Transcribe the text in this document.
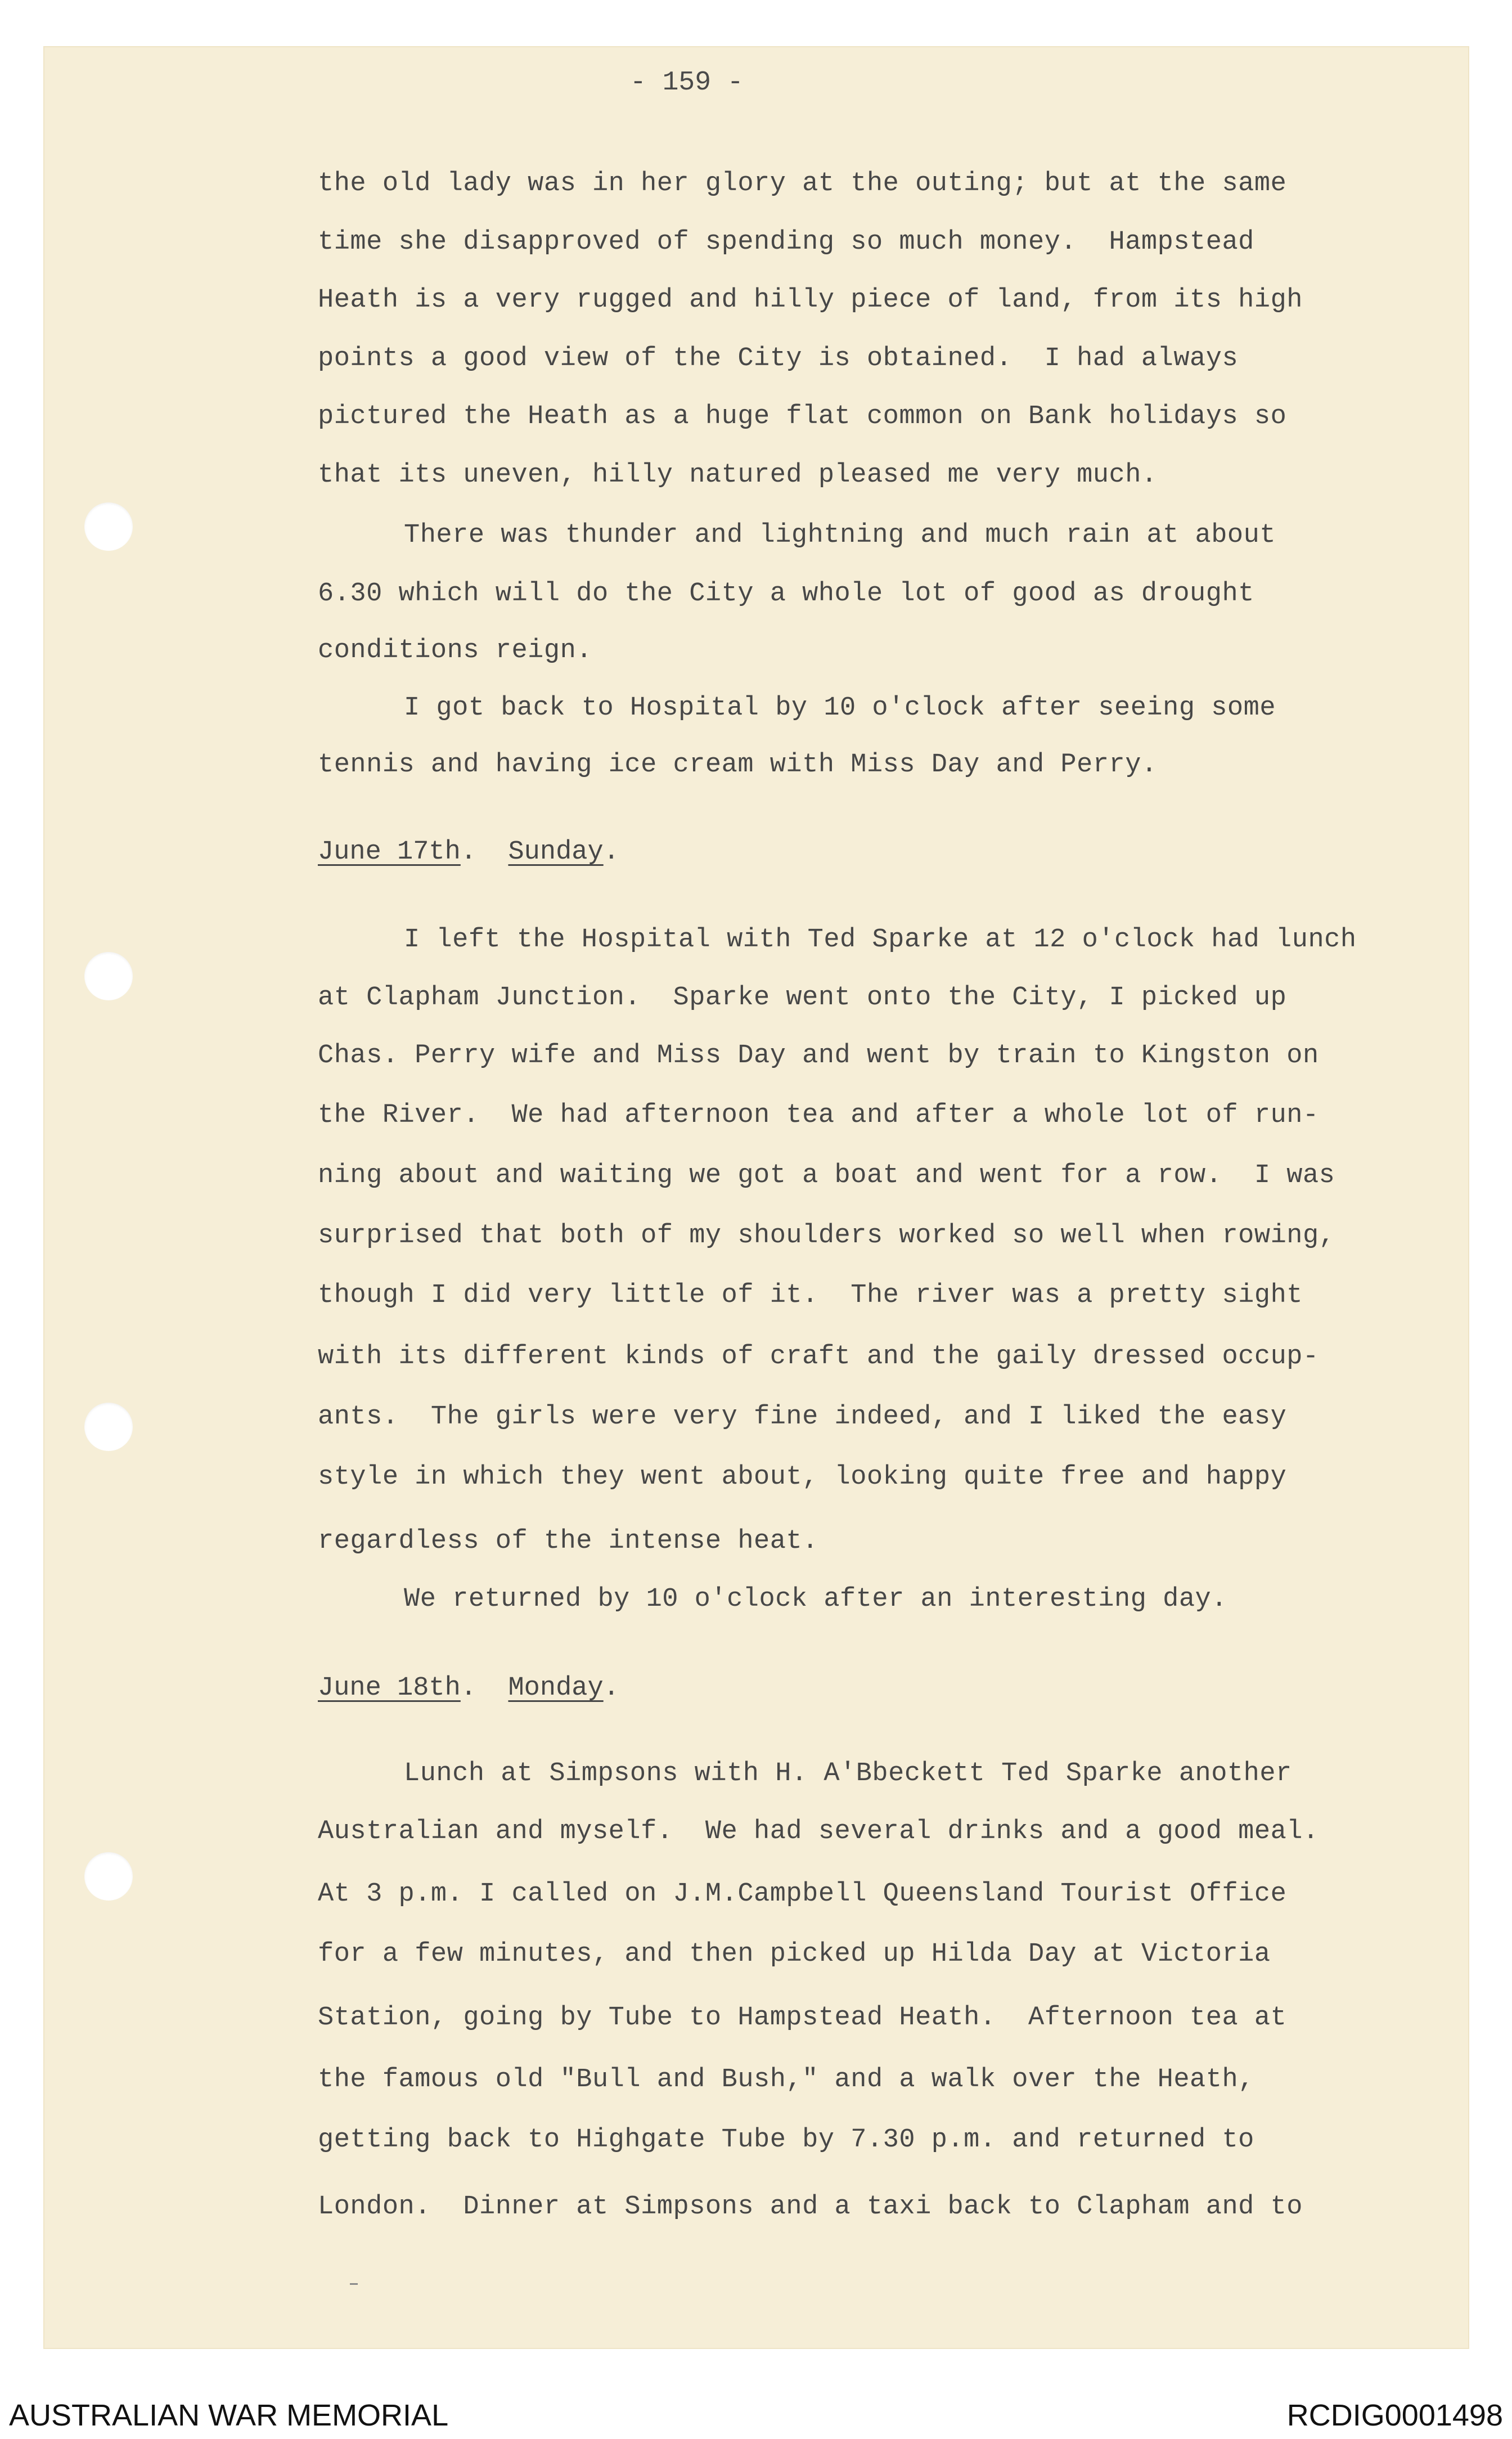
- 159 -
the old lady was in her glory at the outing; but at the same
time she disapproved of spending so much money.  Hampstead
Heath is a very rugged and hilly piece of land, from its high
points a good view of the City is obtained.  I had always
pictured the Heath as a huge flat common on Bank holidays so
that its uneven, hilly natured pleased me very much.
There was thunder and lightning and much rain at about
6.30 which will do the City a whole lot of good as drought
conditions reign.
I got back to Hospital by 10 o'clock after seeing some
tennis and having ice cream with Miss Day and Perry.
June 17th.  Sunday.
I left the Hospital with Ted Sparke at 12 o'clock had lunch
at Clapham Junction.  Sparke went onto the City, I picked up
Chas. Perry wife and Miss Day and went by train to Kingston on
the River.  We had afternoon tea and after a whole lot of run-
ning about and waiting we got a boat and went for a row.  I was
surprised that both of my shoulders worked so well when rowing,
though I did very little of it.  The river was a pretty sight
with its different kinds of craft and the gaily dressed occup-
ants.  The girls were very fine indeed, and I liked the easy
style in which they went about, looking quite free and happy
regardless of the intense heat.
We returned by 10 o'clock after an interesting day.
June 18th.  Monday.
Lunch at Simpsons with H. A'Bbeckett Ted Sparke another
Australian and myself.  We had several drinks and a good meal.
At 3 p.m. I called on J.M.Campbell Queensland Tourist Office
for a few minutes, and then picked up Hilda Day at Victoria
Station, going by Tube to Hampstead Heath.  Afternoon tea at
the famous old "Bull and Bush," and a walk over the Heath,
getting back to Highgate Tube by 7.30 p.m. and returned to
London.  Dinner at Simpsons and a taxi back to Clapham and to
AUSTRALIAN WAR MEMORIAL	RCDIG0001498
